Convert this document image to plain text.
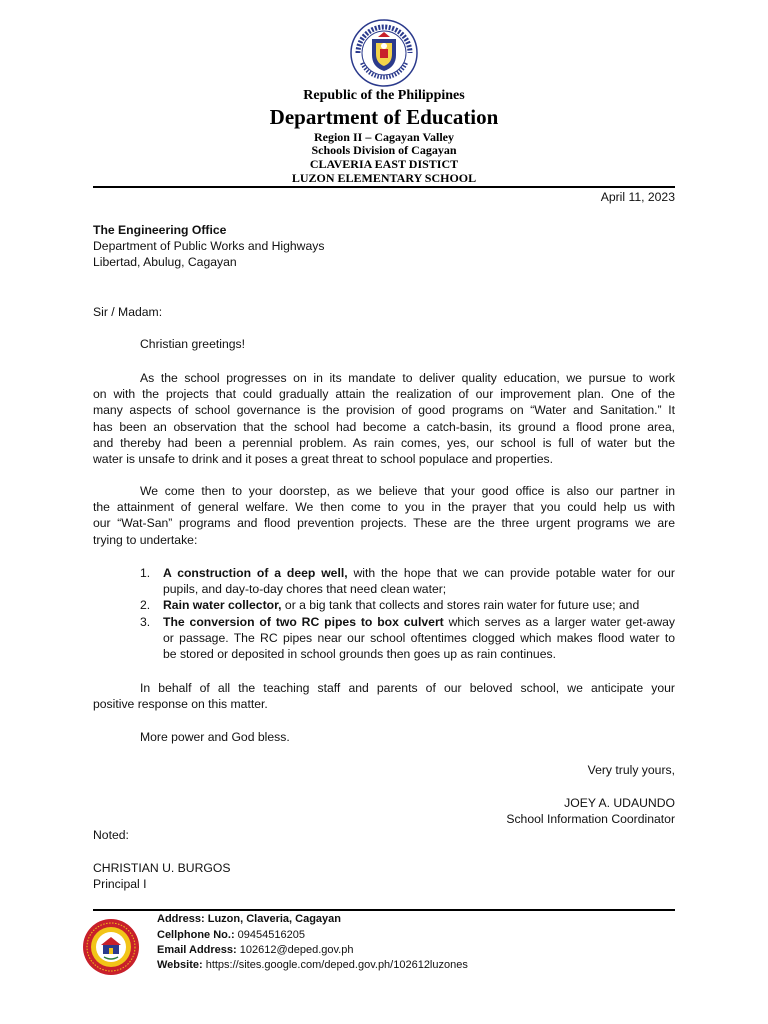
Republic of the Philippines
Department of Education
Region II – Cagayan Valley
Schools Division of Cagayan
CLAVERIA EAST DISTICT
LUZON ELEMENTARY SCHOOL
April 11, 2023
The Engineering Office
Department of Public Works and Highways
Libertad, Abulug, Cagayan
Sir / Madam:
Christian greetings!
As the school progresses on in its mandate to deliver quality education, we pursue to work
on with the projects that could gradually attain the realization of our improvement plan. One of the
many aspects of school governance is the provision of good programs on “Water and Sanitation.” It
has been an observation that the school had become a catch-basin, its ground a flood prone area,
and thereby had been a perennial problem. As rain comes, yes, our school is full of water but the
water is unsafe to drink and it poses a great threat to school populace and properties.
We come then to your doorstep, as we believe that your good office is also our partner in
the attainment of general welfare. We then come to you in the prayer that you could help us with
our “Wat-San” programs and flood prevention projects. These are the three urgent programs we are
trying to undertake:
1. A construction of a deep well, with the hope that we can provide potable water for our
pupils, and day-to-day chores that need clean water;
2. Rain water collector, or a big tank that collects and stores rain water for future use; and
3. The conversion of two RC pipes to box culvert which serves as a larger water get-away
or passage. The RC pipes near our school oftentimes clogged which makes flood water to
be stored or deposited in school grounds then goes up as rain continues.
In behalf of all the teaching staff and parents of our beloved school, we anticipate your
positive response on this matter.
More power and God bless.
Very truly yours,
JOEY A. UDAUNDO
School Information Coordinator
Noted:
CHRISTIAN U. BURGOS
Principal I
Address: Luzon, Claveria, Cagayan
Cellphone No.: 09454516205
Email Address: 102612@deped.gov.ph
Website: https://sites.google.com/deped.gov.ph/102612luzones
